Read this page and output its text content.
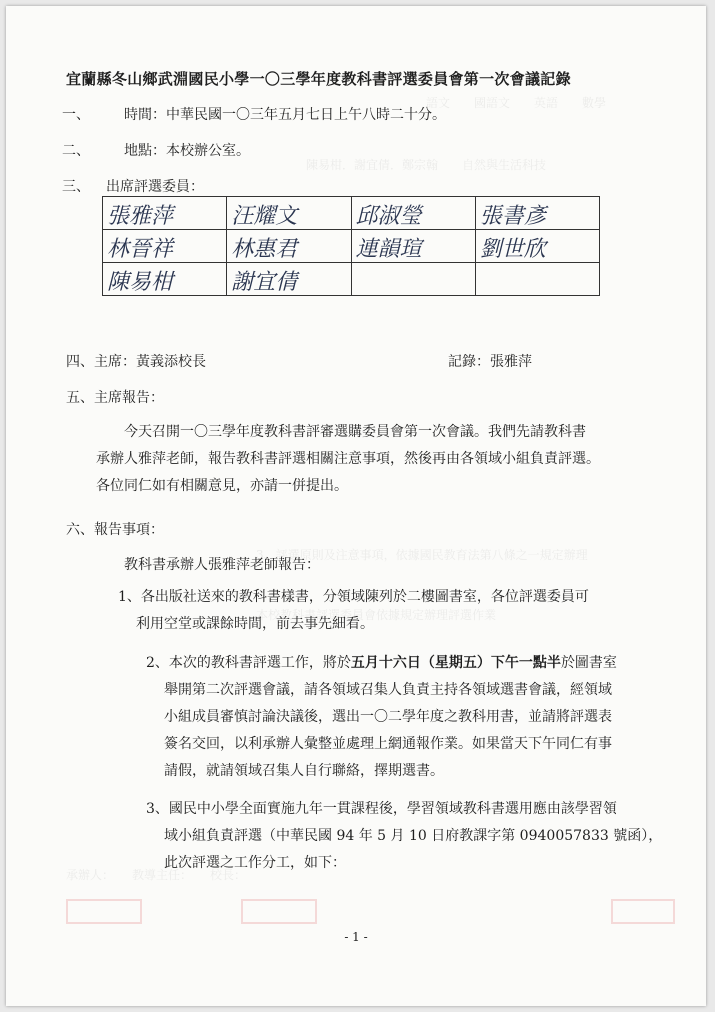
語文　　國語文　　英語　　數學
陳易柑．謝宜倩．鄭宗翰　　自然與生活科技
3、評選原則及注意事項，依據國民教育法第八條之一規定辦理
本校教科書評選委員會依據規定辦理評選作業
承辦人：　　教導主任：　　校長：

宜蘭縣冬山鄉武淵國民小學一〇三學年度教科書評選委員會第一次會議記錄
一、 時間：中華民國一〇三年五月七日上午八時二十分。
二、 地點：本校辦公室。
三、 出席評選委員：
張雅萍	汪耀文	邱淑瑩	張書彥

林晉祥	林惠君	連韻瑄	劉世欣

陳易柑	謝宜倩		

四、主席：黃義添校長	記錄：張雅萍
五、主席報告：

今天召開一〇三學年度教科書評審選購委員會第一次會議。我們先請教科書

承辦人雅萍老師，報告教科書評選相關注意事項，然後再由各領域小組負責評選。

各位同仁如有相關意見，亦請一併提出。

六、報告事項：
教科書承辦人張雅萍老師報告：

1、各出版社送來的教科書樣書，分領域陳列於二樓圖書室，各位評選委員可

利用空堂或課餘時間，前去事先細看。

2、本次的教科書評選工作，將於五月十六日（星期五）下午一點半於圖書室

舉開第二次評選會議，請各領域召集人負責主持各領域選書會議，經領域

小組成員審慎討論決議後，選出一〇二學年度之教科用書，並請將評選表

簽名交回，以利承辦人彙整並處理上網通報作業。如果當天下午同仁有事

請假，就請領域召集人自行聯絡，擇期選書。

3、國民中小學全面實施九年一貫課程後，學習領域教科書選用應由該學習領

域小組負責評選（中華民國 94 年 5 月 10 日府教課字第 0940057833 號函），

此次評選之工作分工，如下：

- 1 -
